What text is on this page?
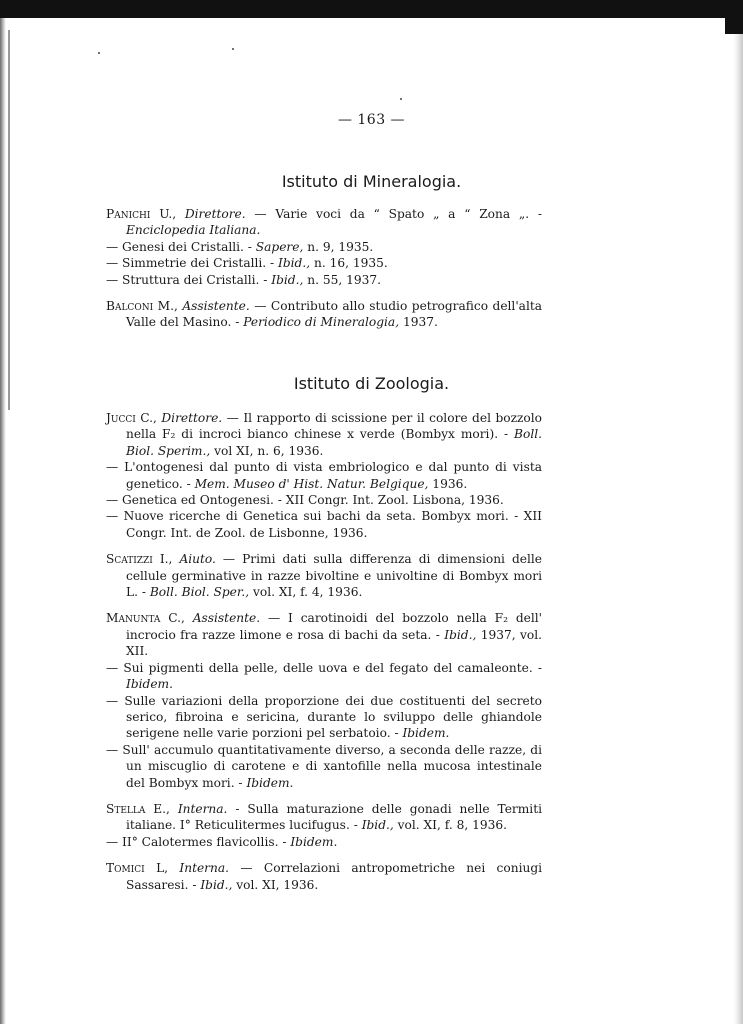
— 163 —
Istituto di Mineralogia.

Panichi U., Direttore. — Varie voci da “ Spato „ a “ Zona „. - Enciclopedia Italiana.

— Genesi dei Cristalli. - Sapere, n. 9, 1935.

— Simmetrie dei Cristalli. - Ibid., n. 16, 1935.

— Struttura dei Cristalli. - Ibid., n. 55, 1937.

Balconi M., Assistente. — Contributo allo studio petrografico dell'alta Valle del Masino. - Periodico di Mineralogia, 1937.

Istituto di Zoologia.

Jucci C., Direttore. — Il rapporto di scissione per il colore del bozzolo nella F₂ di incroci bianco chinese x verde (Bombyx mori). - Boll. Biol. Sperim., vol XI, n. 6, 1936.

— L'ontogenesi dal punto di vista embriologico e dal punto di vista genetico. - Mem. Museo d' Hist. Natur. Belgique, 1936.

— Genetica ed Ontogenesi. - XII Congr. Int. Zool. Lisbona, 1936.

— Nuove ricerche di Genetica sui bachi da seta. Bombyx mori. - XII Congr. Int. de Zool. de Lisbonne, 1936.

Scatizzi I., Aiuto. — Primi dati sulla differenza di dimensioni delle cellule germinative in razze bivoltine e univoltine di Bombyx mori L. - Boll. Biol. Sper., vol. XI, f. 4, 1936.

Manunta C., Assistente. — I carotinoidi del bozzolo nella F₂ dell' incrocio fra razze limone e rosa di bachi da seta. - Ibid., 1937, vol. XII.

— Sui pigmenti della pelle, delle uova e del fegato del camaleonte. - Ibidem.

— Sulle variazioni della proporzione dei due costituenti del secreto serico, fibroina e sericina, durante lo sviluppo delle ghiandole serigene nelle varie porzioni pel serbatoio. - Ibidem.

— Sull' accumulo quantitativamente diverso, a seconda delle razze, di un miscuglio di carotene e di xantofille nella mucosa intestinale del Bombyx mori. - Ibidem.

Stella E., Interna. - Sulla maturazione delle gonadi nelle Termiti italiane. I° Reticulitermes lucifugus. - Ibid., vol. XI, f. 8, 1936.

— II° Calotermes flavicollis. - Ibidem.

Tomici L, Interna. — Correlazioni antropometriche nei coniugi Sassaresi. - Ibid., vol. XI, 1936.
